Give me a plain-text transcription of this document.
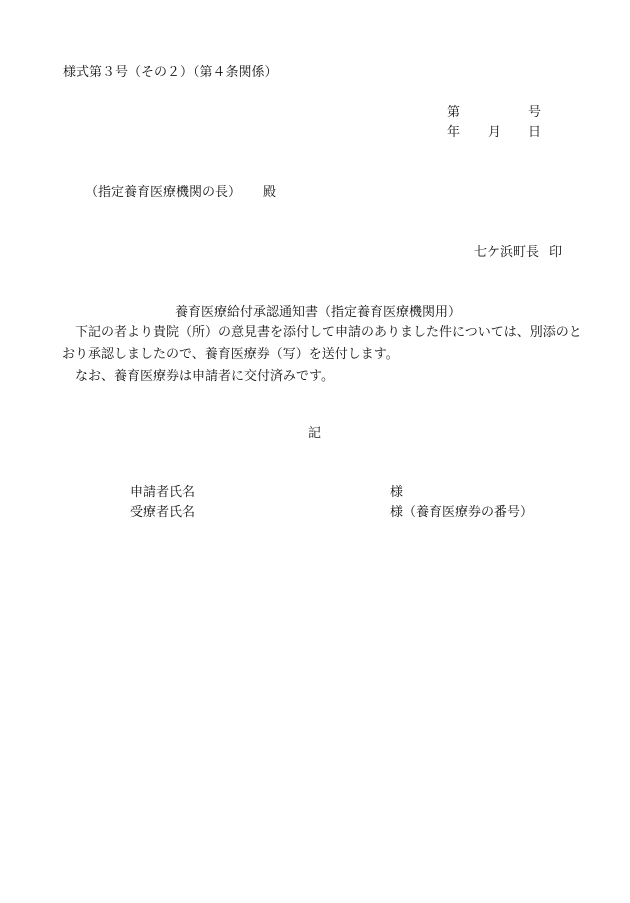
様式第３号（その２）（第４条関係）
第	号
年 月 日
（指定養育医療機関の長） 殿
七ケ浜町長 印
養育医療給付承認通知書（指定養育医療機関用）

下記の者より貴院（所）の意見書を添付して申請のありました件については、別添のとおり承認しましたので、養育医療券（写）を送付します。

なお、養育医療券は申請者に交付済みです。

記
申請者氏名	様
受療者氏名	様（養育医療券の番号）
